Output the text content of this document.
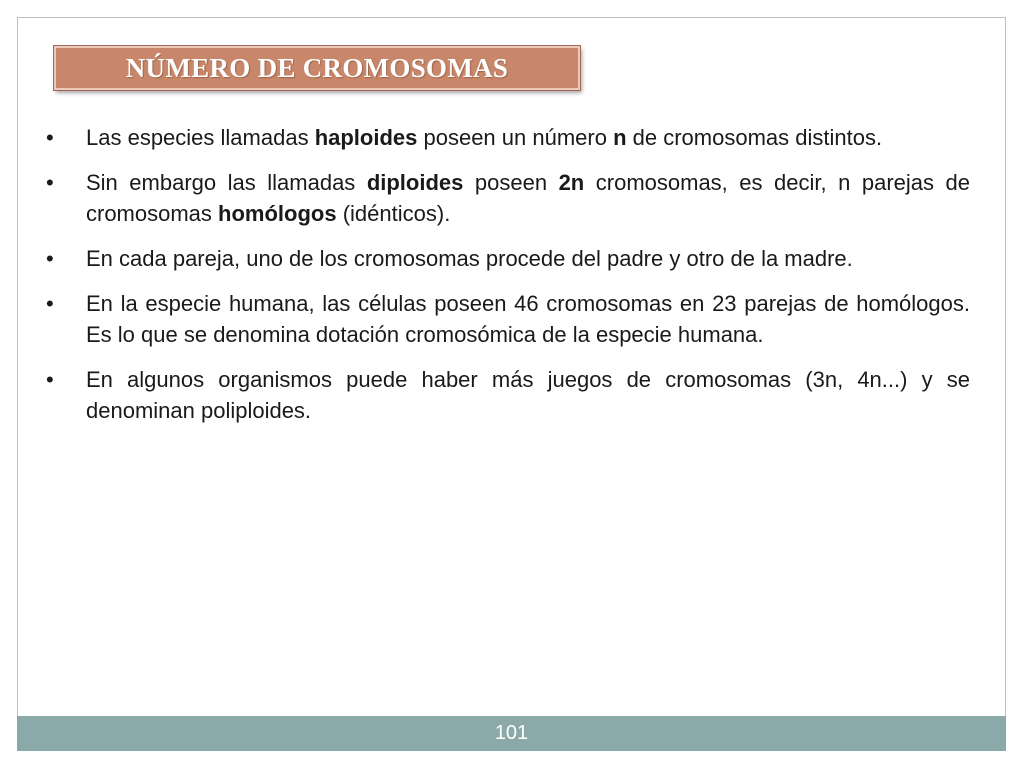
NÚMERO DE CROMOSOMAS
•	Las especies llamadas haploides poseen un número n de cromosomas distintos.
•	Sin embargo las llamadas diploides poseen 2n cromosomas, es decir, n parejas de cromosomas homólogos (idénticos).
•	En cada pareja, uno de los cromosomas procede del padre y otro de la madre.
•	En la especie humana, las células poseen 46 cromosomas en 23 parejas de homólogos. Es lo que se denomina dotación cromosómica de la especie humana.
•	En algunos organismos puede haber más juegos de cromosomas (3n, 4n...) y se denominan poliploides.
101
